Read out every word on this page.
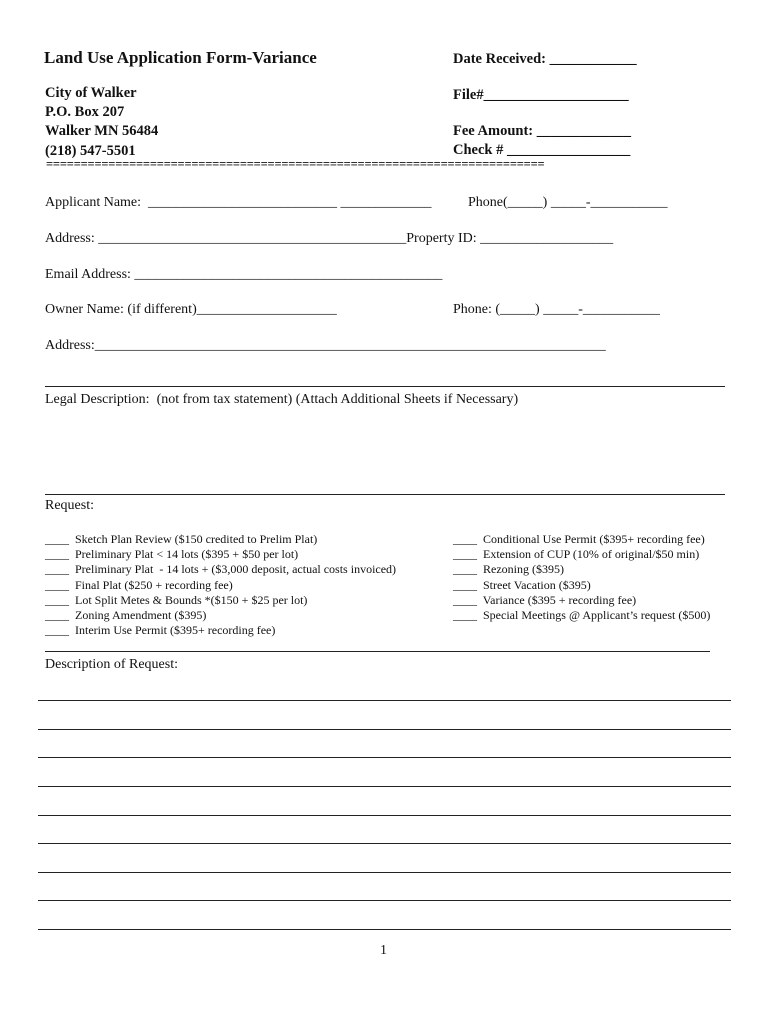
Land Use Application Form-Variance	Date Received: ____________
City of Walker
P.O. Box 207
Walker MN 56484
(218) 547-5501
File#____________________
Fee Amount: _____________
Check # _________________
========================================================================
Applicant Name:  ___________________________ _____________	Phone(_____) _____-___________
Address: ____________________________________________Property ID: ___________________
Email Address: ____________________________________________
Owner Name: (if different)____________________	Phone: (_____) _____-___________
Address:_________________________________________________________________________
Legal Description:  (not from tax statement) (Attach Additional Sheets if Necessary)
Request:
____  Sketch Plan Review ($150 credited to Prelim Plat)
____  Preliminary Plat < 14 lots ($395 + $50 per lot)
____  Preliminary Plat  - 14 lots + ($3,000 deposit, actual costs invoiced)
____  Final Plat ($250 + recording fee)
____  Lot Split Metes & Bounds *($150 + $25 per lot)
____  Zoning Amendment ($395)
____  Interim Use Permit ($395+ recording fee)
____  Conditional Use Permit ($395+ recording fee)
____  Extension of CUP (10% of original/$50 min)
____  Rezoning ($395)
____  Street Vacation ($395)
____  Variance ($395 + recording fee)
____  Special Meetings @ Applicant’s request ($500)
Description of Request:
1
